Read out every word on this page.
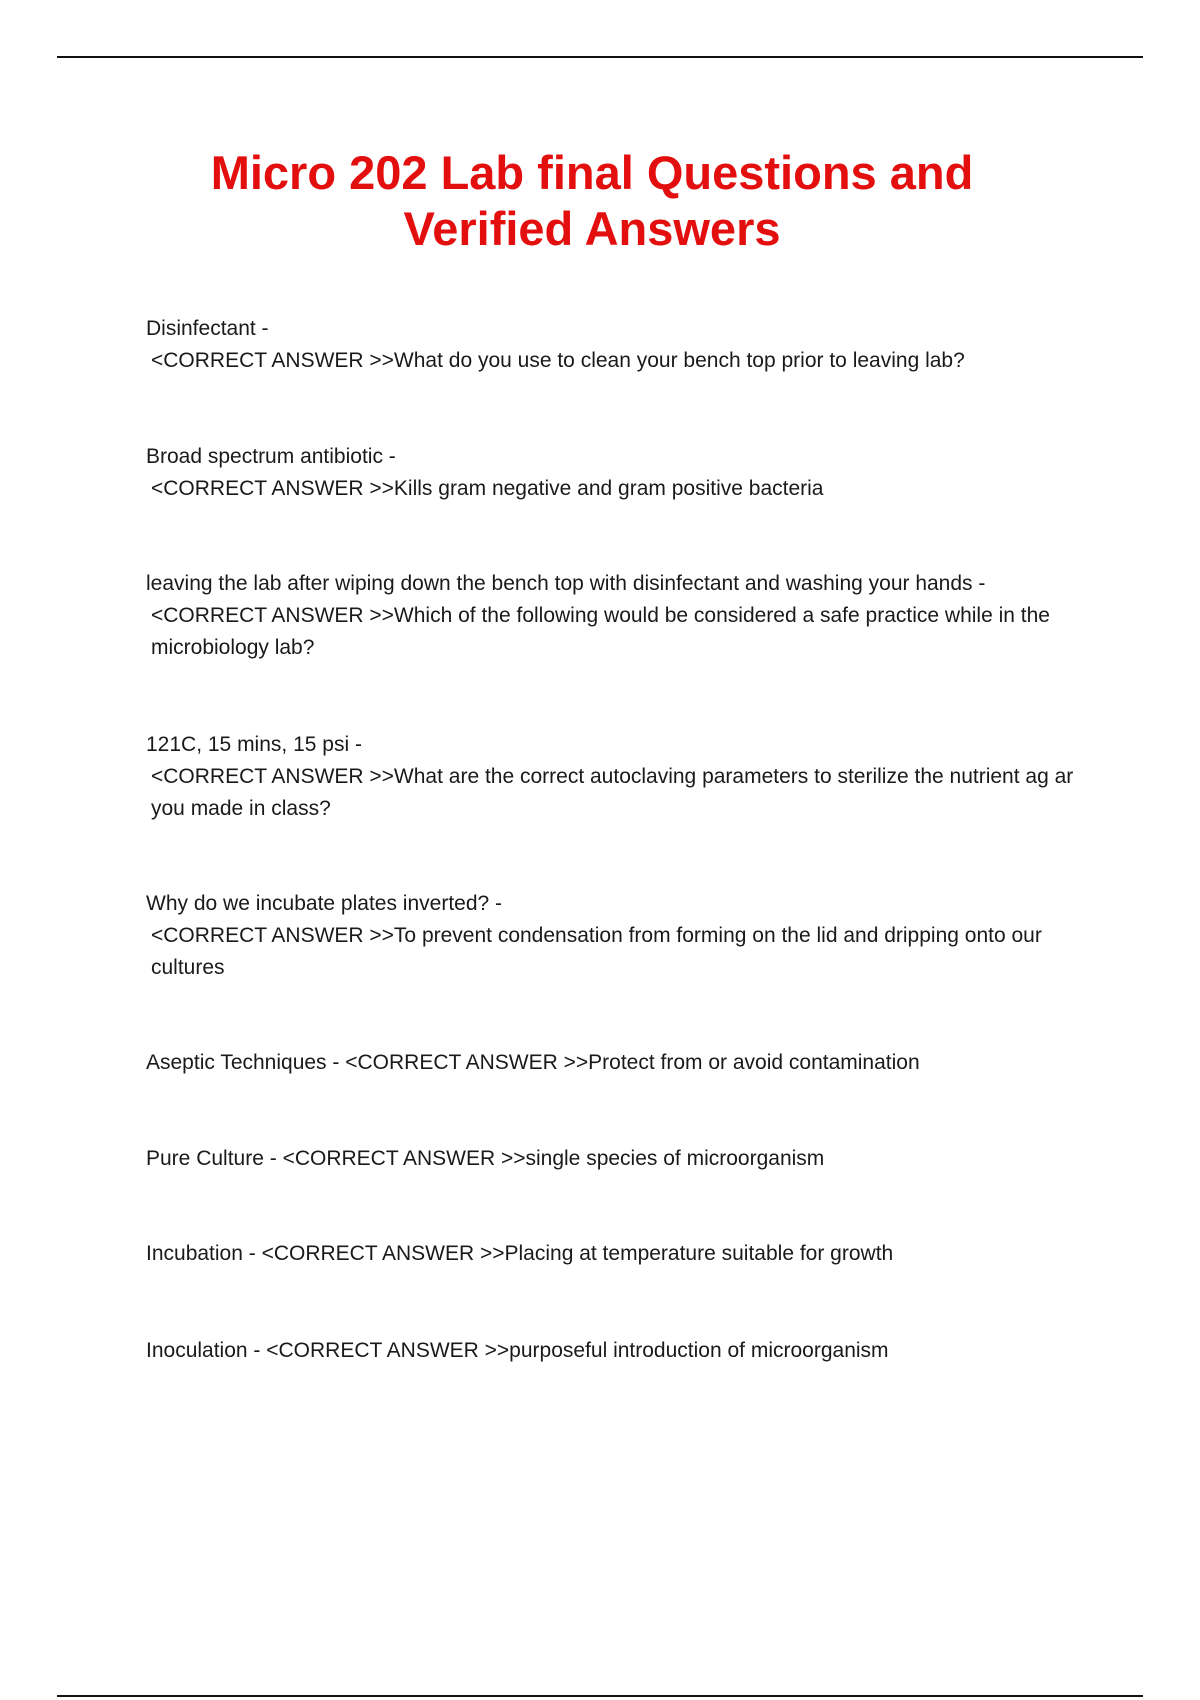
Micro 202 Lab final Questions and
Verified Answers
Disinfectant -
<CORRECT ANSWER >>What do you use to clean your bench top prior to leaving lab?
Broad spectrum antibiotic -
<CORRECT ANSWER >>Kills gram negative and gram positive bacteria
leaving the lab after wiping down the bench top with disinfectant and washing your hands -
<CORRECT ANSWER >>Which of the following would be considered a safe practice while in the microbiology lab?
121C, 15 mins, 15 psi -
<CORRECT ANSWER >>What are the correct autoclaving parameters to sterilize the nutrient ag ar you made in class?
Why do we incubate plates inverted? -
<CORRECT ANSWER >>To prevent condensation from forming on the lid and dripping onto our cultures
Aseptic Techniques - <CORRECT ANSWER >>Protect from or avoid contamination
Pure Culture - <CORRECT ANSWER >>single species of microorganism
Incubation - <CORRECT ANSWER >>Placing at temperature suitable for growth
Inoculation - <CORRECT ANSWER >>purposeful introduction of microorganism
